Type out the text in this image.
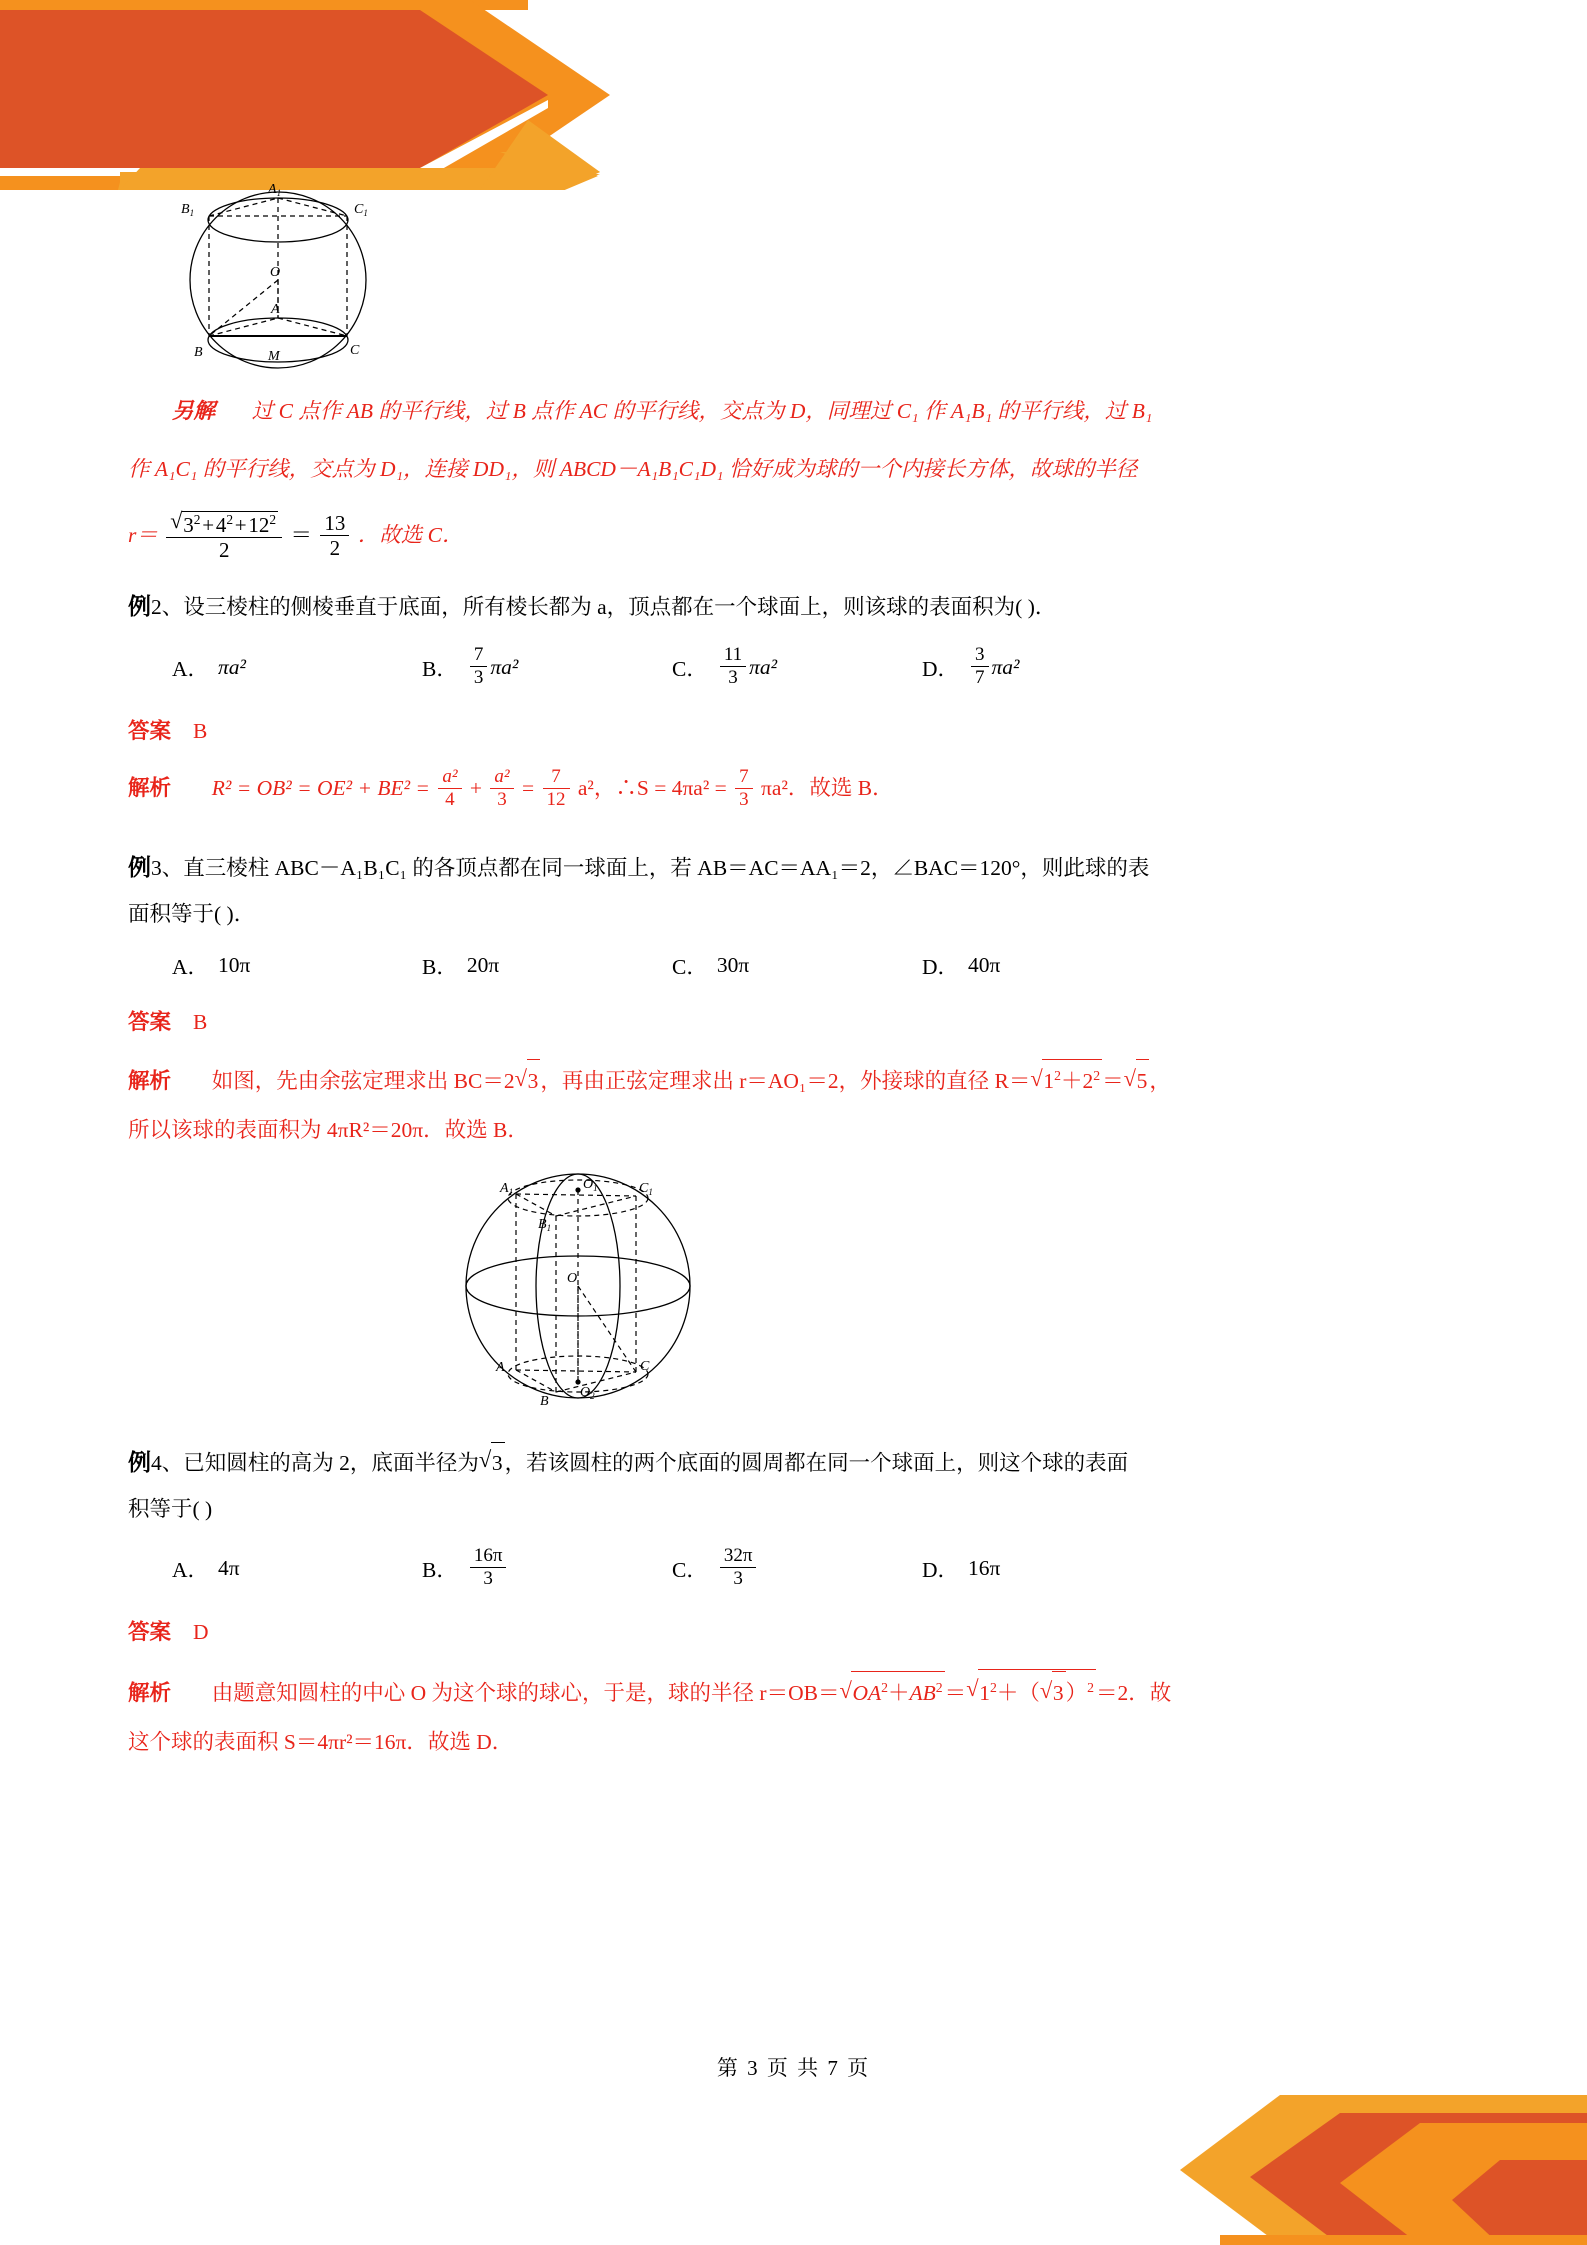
$A_1$
$B_1$	$C_1$
O
A
B	M	C

另解 过 C 点作 AB 的平行线，过 B 点作 AC 的平行线，交点为 D，同理过 C₁ 作 A₁B₁ 的平行线，过 B₁

作 A₁C₁ 的平行线，交点为 D₁，连接 DD₁，则 ABCD－A₁B₁C₁D₁ 恰好成为球的一个内接长方体，故球的半径

r＝ √ $\frac{3^2 + 4^2 + 12^2}{2} = \frac{13}{2}$ ．故选 C．

例2、设三棱柱的侧棱垂直于底面，所有棱长都为 a，顶点都在一个球面上，则该球的表面积为( )．

A． πa²	B． $\frac{7}{3} \pi a^2$	C． $\frac{11}{3} \pi a^2$	D． $\frac{3}{7} \pi a^2$

答案 B

解析 $R^2 = OB^2 = OE^2 + BE^2 = \frac{\text{a²}}{4} + \frac{\text{a²}}{3} = \frac{7}{12} a^2$，∴S = $4\pi a^2 = \frac{7}{3} \pi a^2$．故选 B．

例3、直三棱柱 ABC－A₁B₁C₁ 的各顶点都在同一球面上，若 AB＝AC＝AA₁＝2，∠BAC＝120°，则此球的表

面积等于( )．

A． 10π	B． 20π	C． 30π	D． 40π

答案 B

解析 如图，先由余弦定理求出 BC＝2 √ 3，再由正弦定理求出 r＝AO₁＝2，外接球的直径 R＝ √ $1^2+2^2=$ √ 5，

所以该球的表面积为 4πR²＝20π．故选 B．

$A_1$	$O_1$	$C_1$
$B_1$
O
A	C
B
$O_2$

例4、已知圆柱的高为 2，底面半径为 √ 3，若该圆柱的两个底面的圆周都在同一个球面上，则这个球的表面

积等于( )

A． 4π	B． $\frac{16\pi}{3}$	C． $\frac{32\pi}{3}$	D． 16π

答案 D

解析 由题意知圆柱的中心 O 为这个球的球心，于是，球的半径 r＝OB＝ √ $OA^2+AB^2=$ √ $1^2+$（ √ 3）$^2$＝2．故

这个球的表面积 S＝4πr²＝16π．故选 D．

第 3 页 共 7 页
